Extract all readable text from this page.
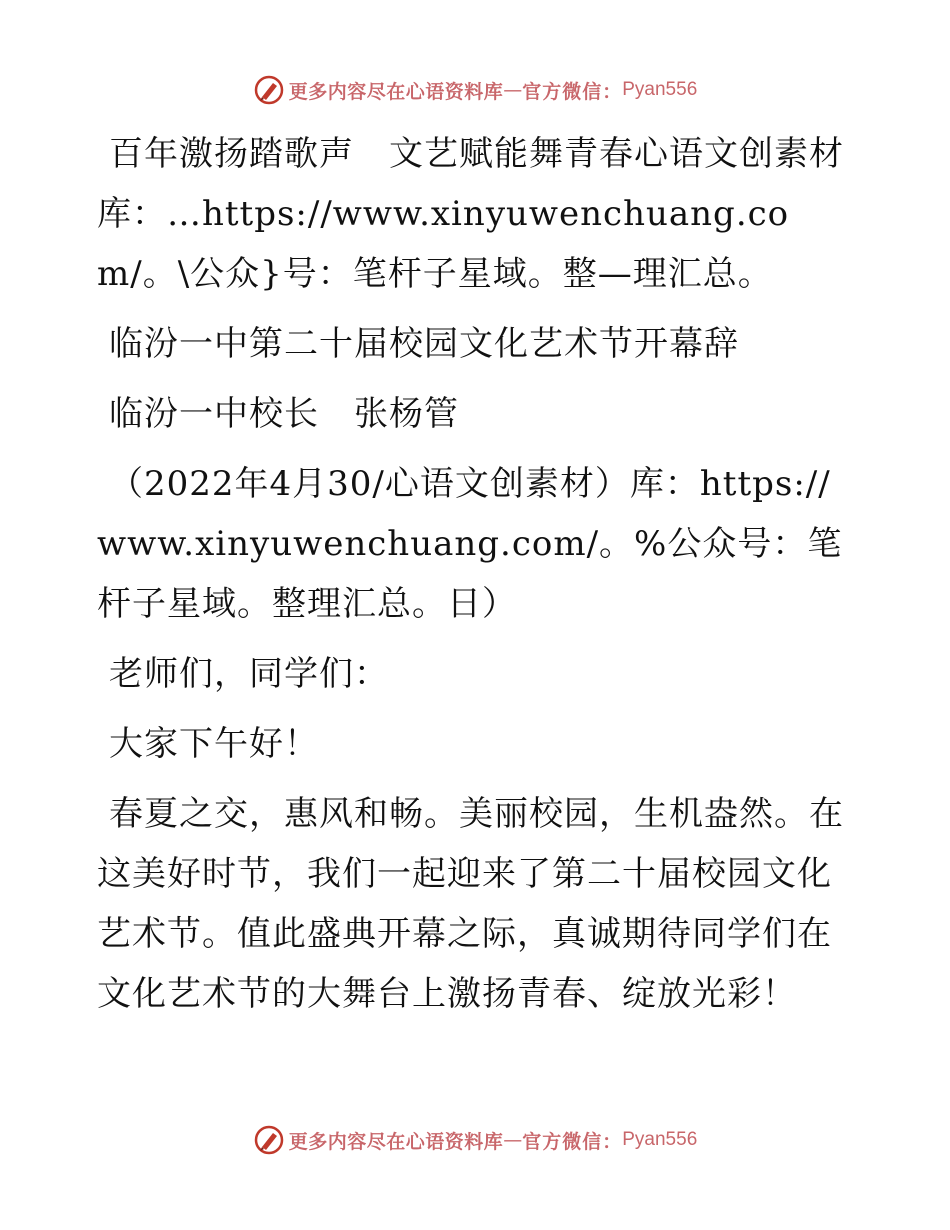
更多内容尽在心语资料库 — 官方微信： Pyan556

百年激扬踏歌声　文艺赋能舞青春心语文创素材库：…https://www.xinyuwenchuang.com/。\公众}号：笔杆子星域。整—理汇总。

临汾一中第二十届校园文化艺术节开幕辞

临汾一中校长　张杨管

（2022年4月30/心语文创素材）库：https://www.xinyuwenchuang.com/。%公众号：笔杆子星域。整理汇总。日）

老师们，同学们：

大家下午好！

春夏之交，惠风和畅。美丽校园，生机盎然。在这美好时节，我们一起迎来了第二十届校园文化艺术节。值此盛典开幕之际，真诚期待同学们在文化艺术节的大舞台上激扬青春、绽放光彩！

更多内容尽在心语资料库 — 官方微信： Pyan556
